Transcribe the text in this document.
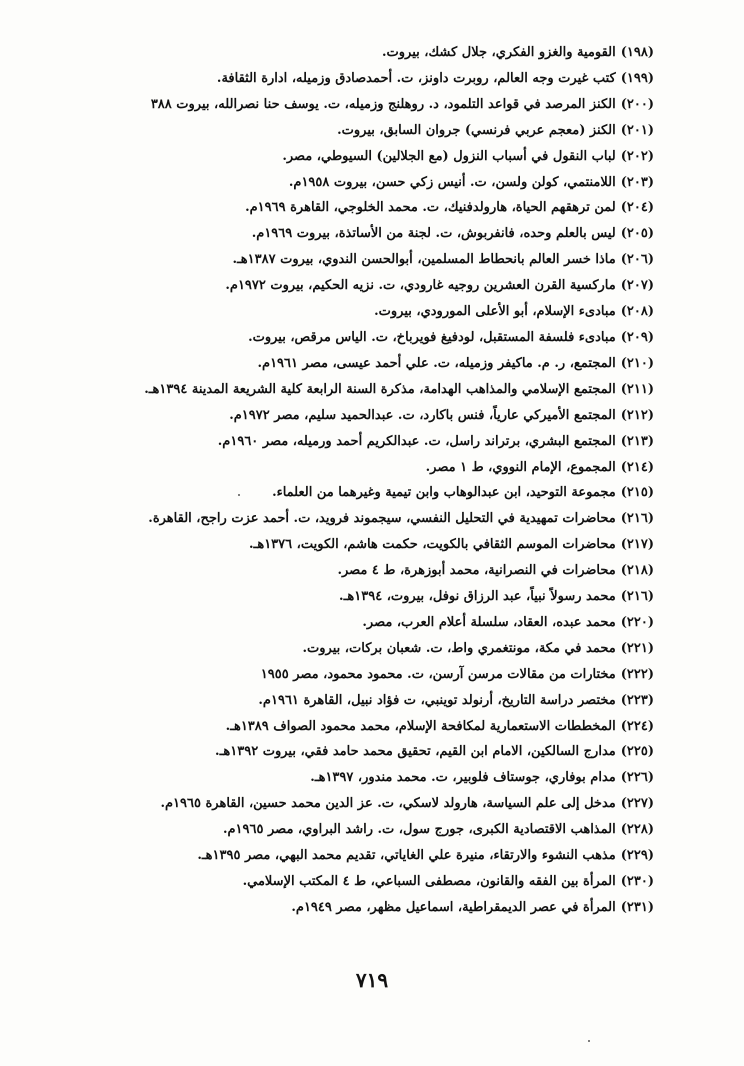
(١٩٨)القومية والغزو الفكري، جلال كشك، بيروت.
(١٩٩)كتب غيرت وجه العالم، روبرت داونز، ت. أحمدصادق وزميله، ادارة الثقافة.
(٢٠٠)الكنز المرصد في قواعد التلمود، د. روهلنج وزميله، ت. يوسف حنا نصرالله، بيروت ٣٨٨
(٢٠١)الكنز (معجم عربي فرنسي) جروان السابق، بيروت.
(٢٠٢)لباب النقول في أسباب النزول (مع الجلالين) السيوطي، مصر.
(٢٠٣)اللامنتمي، كولن ولسن، ت. أنيس زكي حسن، بيروت ١٩٥٨م.
(٢٠٤)لمن ترهقهم الحياة، هارولدفنيك، ت. محمد الخلوجي، القاهرة ١٩٦٩م.
(٢٠٥)ليس بالعلم وحده، فانفربوش، ت. لجنة من الأساتذة، بيروت ١٩٦٩م.
(٢٠٦)ماذا خسر العالم بانحطاط المسلمين، أبوالحسن الندوي، بيروت ١٣٨٧هـ.
(٢٠٧)ماركسية القرن العشرين روجيه غارودي، ت. نزيه الحكيم، بيروت ١٩٧٢م.
(٢٠٨)مبادىء الإسلام، أبو الأعلى المورودي، بيروت.
(٢٠٩)مبادىء فلسفة المستقبل، لودفيغ فويرباخ، ت. الياس مرقص، بيروت.
(٢١٠)المجتمع، ر. م. ماكيفر وزميله، ت. علي أحمد عيسى، مصر ١٩٦١م.
(٢١١)المجتمع الإسلامي والمذاهب الهدامة، مذكرة السنة الرابعة كلية الشريعة المدينة ١٣٩٤هـ.
(٢١٢)المجتمع الأميركي عارياً، فنس باكارد، ت. عبدالحميد سليم، مصر ١٩٧٢م.
(٢١٣)المجتمع البشري، برتراند راسل، ت. عبدالكريم أحمد ورميله، مصر ١٩٦٠م.
(٢١٤)المجموع، الإمام النووي، ط ١ مصر.
(٢١٥)مجموعة التوحيد، ابن عبدالوهاب وابن تيمية وغيرهما من العلماء.
(٢١٦)محاضرات تمهيدية في التحليل النفسي، سيجموند فرويد، ت. أحمد عزت راجح، القاهرة.
(٢١٧)محاضرات الموسم الثقافي بالكويت، حكمت هاشم، الكويت، ١٣٧٦هـ.
(٢١٨)محاضرات في النصرانية، محمد أبوزهرة، ط ٤ مصر.
(٢١٦)محمد رسولاً نبياً، عبد الرزاق نوفل، بيروت، ١٣٩٤هـ.
(٢٢٠)محمد عبده، العقاد، سلسلة أعلام العرب، مصر.
(٢٢١)محمد في مكة، مونتغمري واط، ت. شعبان بركات، بيروت.
(٢٢٢)مختارات من مقالات مرسن آرسن، ت. محمود محمود، مصر ١٩٥٥
(٢٢٣)مختصر دراسة التاريخ، أرنولد توينبي، ت فؤاد نبيل، القاهرة ١٩٦١م.
(٢٢٤)المخططات الاستعمارية لمكافحة الإسلام، محمد محمود الصواف ١٣٨٩هـ.
(٢٢٥)مدارج السالكين، الامام ابن القيم، تحقيق محمد حامد فقي، بيروت ١٣٩٢هـ.
(٢٢٦)مدام بوفاري، جوستاف فلوبير، ت. محمد مندور، ١٣٩٧هـ.
(٢٢٧)مدخل إلى علم السياسة، هارولد لاسكي، ت. عز الدين محمد حسين، القاهرة ١٩٦٥م.
(٢٢٨)المذاهب الاقتصادية الكبرى، جورج سول، ت. راشد البراوي، مصر ١٩٦٥م.
(٢٢٩)مذهب النشوء والارتقاء، منيرة علي الغاياتي، تقديم محمد البهي، مصر ١٣٩٥هـ.
(٢٣٠)المرأة بين الفقه والقانون، مصطفى السباعي، ط ٤ المكتب الإسلامي.
(٢٣١)المرأة في عصر الديمقراطية، اسماعيل مظهر، مصر ١٩٤٩م.
٧١٩
